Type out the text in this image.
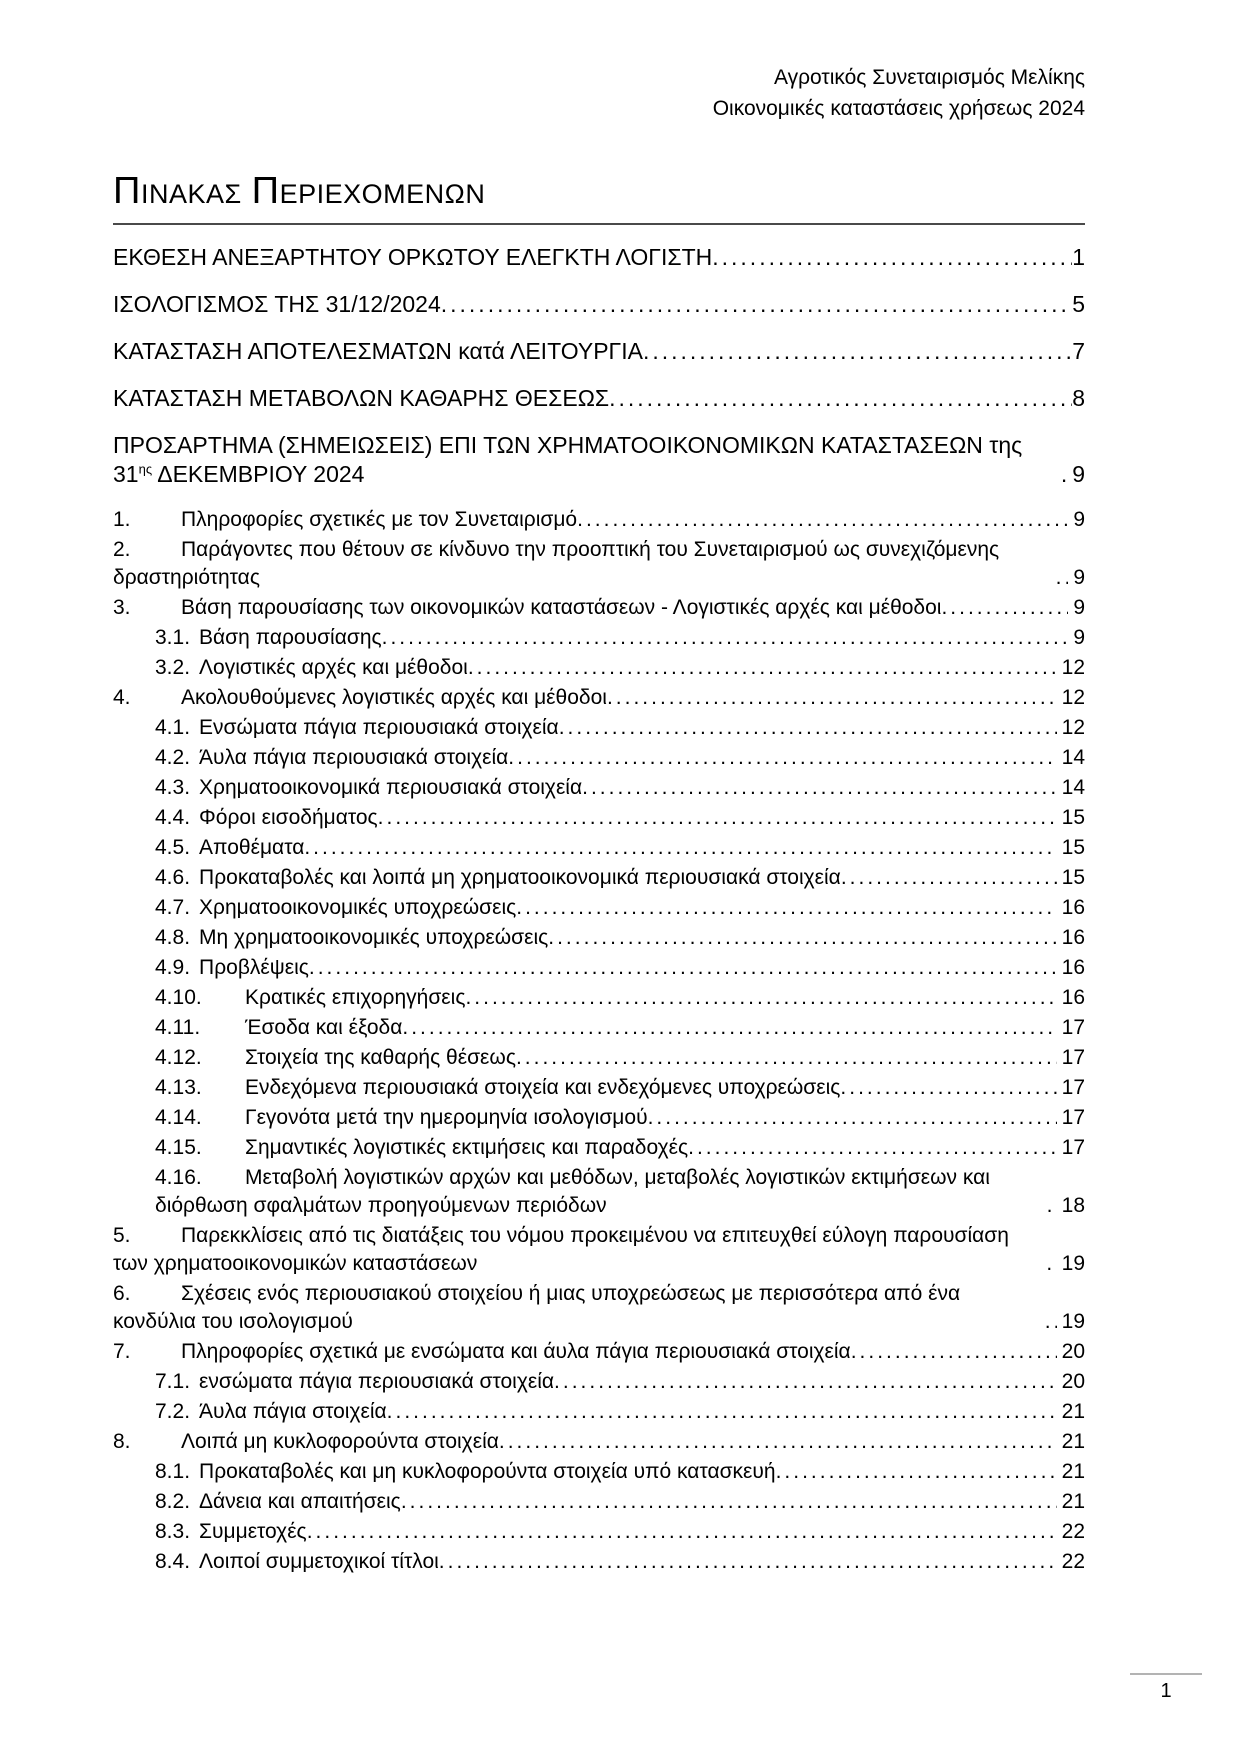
Αγροτικός Συνεταιρισμός Μελίκης
Οικονομικές καταστάσεις χρήσεως 2024
ΠΙΝΑΚΑΣ ΠΕΡΙΕΧΟΜΕΝΩΝ
ΕΚΘΕΣΗ ΑΝΕΞΑΡΤΗΤΟΥ ΟΡΚΩΤΟΥ ΕΛΕΓΚΤΗ ΛΟΓΙΣΤΗ .....	1
ΙΣΟΛΟΓΙΣΜΟΣ ΤΗΣ 31/12/2024 .....	5
ΚΑΤΑΣΤΑΣΗ ΑΠΟΤΕΛΕΣΜΑΤΩΝ κατά ΛΕΙΤΟΥΡΓΙΑ .....	7
ΚΑΤΑΣΤΑΣΗ ΜΕΤΑΒΟΛΩΝ ΚΑΘΑΡΗΣ ΘΕΣΕΩΣ .....	8
ΠΡΟΣΑΡΤΗΜΑ (ΣΗΜΕΙΩΣΕΙΣ) ΕΠΙ ΤΩΝ ΧΡΗΜΑΤΟΟΙΚΟΝΟΜΙΚΩΝ ΚΑΤΑΣΤΑΣΕΩΝ της $31^{\eta\varsigma}$ ΔΕΚΕΜΒΡΙΟΥ 2024 .....	9
1. Πληροφορίες σχετικές με τον Συνεταιρισμό .....	9
2. Παράγοντες που θέτουν σε κίνδυνο την προοπτική του Συνεταιρισμού ως συνεχιζόμενης δραστηριότητας .....	9
3. Βάση παρουσίασης των οικονομικών καταστάσεων - Λογιστικές αρχές και μέθοδοι .....	9
3.1. Βάση παρουσίασης .....	9
3.2. Λογιστικές αρχές και μέθοδοι .....	12
4. Ακολουθούμενες λογιστικές αρχές και μέθοδοι .....	12
4.1. Ενσώματα πάγια περιουσιακά στοιχεία .....	12
4.2. Άυλα πάγια περιουσιακά στοιχεία .....	14
4.3. Χρηματοοικονομικά περιουσιακά στοιχεία .....	14
4.4. Φόροι εισοδήματος .....	15
4.5. Αποθέματα .....	15
4.6. Προκαταβολές και λοιπά μη χρηματοοικονομικά περιουσιακά στοιχεία .....	15
4.7. Χρηματοοικονομικές υποχρεώσεις .....	16
4.8. Μη χρηματοοικονομικές υποχρεώσεις .....	16
4.9. Προβλέψεις .....	16
4.10. Κρατικές επιχορηγήσεις .....	16
4.11. Έσοδα και έξοδα .....	17
4.12. Στοιχεία της καθαρής θέσεως .....	17
4.13. Ενδεχόμενα περιουσιακά στοιχεία και ενδεχόμενες υποχρεώσεις .....	17
4.14. Γεγονότα μετά την ημερομηνία ισολογισμού .....	17
4.15. Σημαντικές λογιστικές εκτιμήσεις και παραδοχές .....	17
4.16. Μεταβολή λογιστικών αρχών και μεθόδων, μεταβολές λογιστικών εκτιμήσεων και διόρθωση σφαλμάτων προηγούμενων περιόδων .....	18
5. Παρεκκλίσεις από τις διατάξεις του νόμου προκειμένου να επιτευχθεί εύλογη παρουσίαση των χρηματοοικονομικών καταστάσεων .....	19
6. Σχέσεις ενός περιουσιακού στοιχείου ή μιας υποχρεώσεως με περισσότερα από ένα κονδύλια του ισολογισμού .....	19
7. Πληροφορίες σχετικά με ενσώματα και άυλα πάγια περιουσιακά στοιχεία .....	20
7.1. ενσώματα πάγια περιουσιακά στοιχεία .....	20
7.2. Άυλα πάγια στοιχεία .....	21
8. Λοιπά μη κυκλοφορούντα στοιχεία .....	21
8.1. Προκαταβολές και μη κυκλοφορούντα στοιχεία υπό κατασκευή .....	21
8.2. Δάνεια και απαιτήσεις .....	21
8.3. Συμμετοχές .....	22
8.4. Λοιποί συμμετοχικοί τίτλοι .....	22
1
